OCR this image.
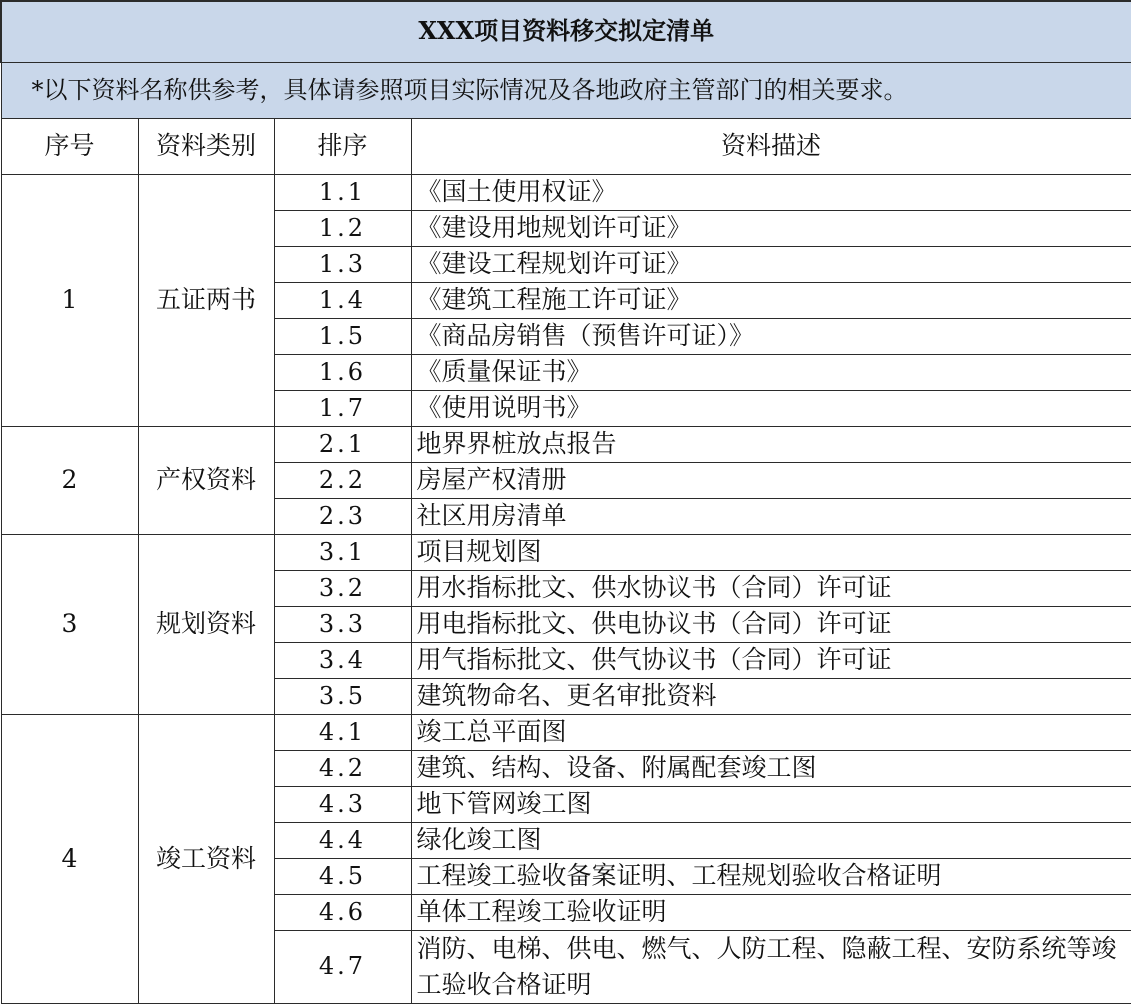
XXX项目资料移交拟定清单			
*以下资料名称供参考，具体请参照项目实际情况及各地政府主管部门的相关要求。			
序号	资料类别	排序	资料描述
1	五证两书	1.1	《国土使用权证》
		1.2	《建设用地规划许可证》
		1.3	《建设工程规划许可证》
		1.4	《建筑工程施工许可证》
		1.5	《商品房销售（预售许可证）》
		1.6	《质量保证书》
		1.7	《使用说明书》
2	产权资料	2.1	地界界桩放点报告
		2.2	房屋产权清册
		2.3	社区用房清单
3	规划资料	3.1	项目规划图
		3.2	用水指标批文、供水协议书（合同）许可证
		3.3	用电指标批文、供电协议书（合同）许可证
		3.4	用气指标批文、供气协议书（合同）许可证
		3.5	建筑物命名、更名审批资料
4	竣工资料	4.1	竣工总平面图
		4.2	建筑、结构、设备、附属配套竣工图
		4.3	地下管网竣工图
		4.4	绿化竣工图
		4.5	工程竣工验收备案证明、工程规划验收合格证明
		4.6	单体工程竣工验收证明
		4.7	消防、电梯、供电、燃气、人防工程、隐蔽工程、安防系统等竣工验收合格证明
